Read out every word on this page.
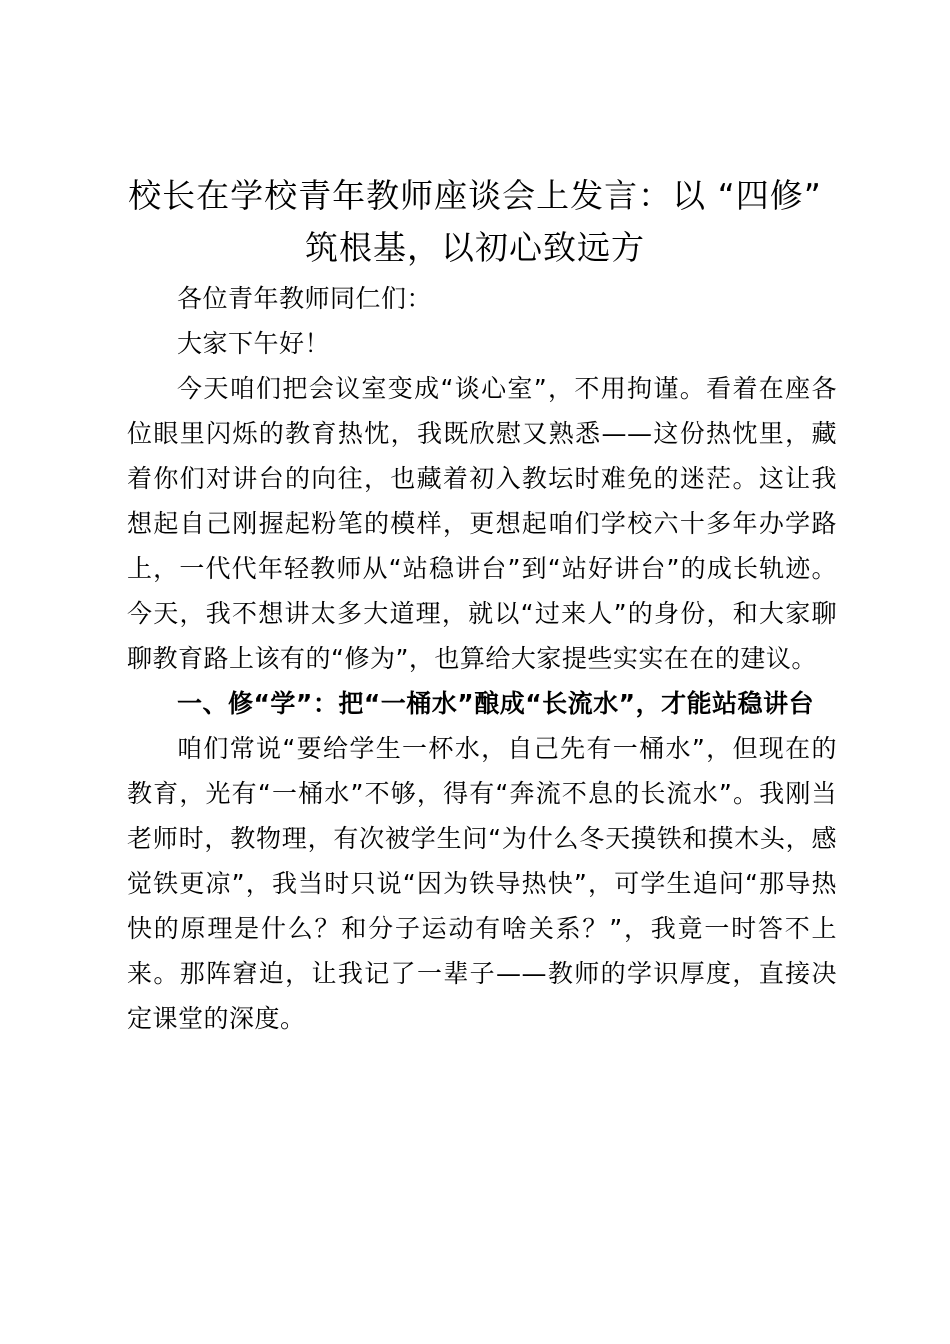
校长在学校青年教师座谈会上发言：以 “四修” 筑根基，以初心致远方

各位青年教师同仁们：

大家下午好！

今天咱们把会议室变成“谈心室”，不用拘谨。看着在座各位眼里闪烁的教育热忱，我既欣慰又熟悉——这份热忱里，藏着你们对讲台的向往，也藏着初入教坛时难免的迷茫。这让我想起自己刚握起粉笔的模样，更想起咱们学校六十多年办学路上，一代代年轻教师从“站稳讲台”到“站好讲台”的成长轨迹。今天，我不想讲太多大道理，就以“过来人”的身份，和大家聊聊教育路上该有的“修为”，也算给大家提些实实在在的建议。

一、修“学”：把“一桶水”酿成“长流水”，才能站稳讲台

咱们常说“要给学生一杯水，自己先有一桶水”，但现在的教育，光有“一桶水”不够，得有“奔流不息的长流水”。我刚当老师时，教物理，有次被学生问“为什么冬天摸铁和摸木头，感觉铁更凉”，我当时只说“因为铁导热快”，可学生追问“那导热快的原理是什么？和分子运动有啥关系？”，我竟一时答不上来。那阵窘迫，让我记了一辈子——教师的学识厚度，直接决定课堂的深度。
